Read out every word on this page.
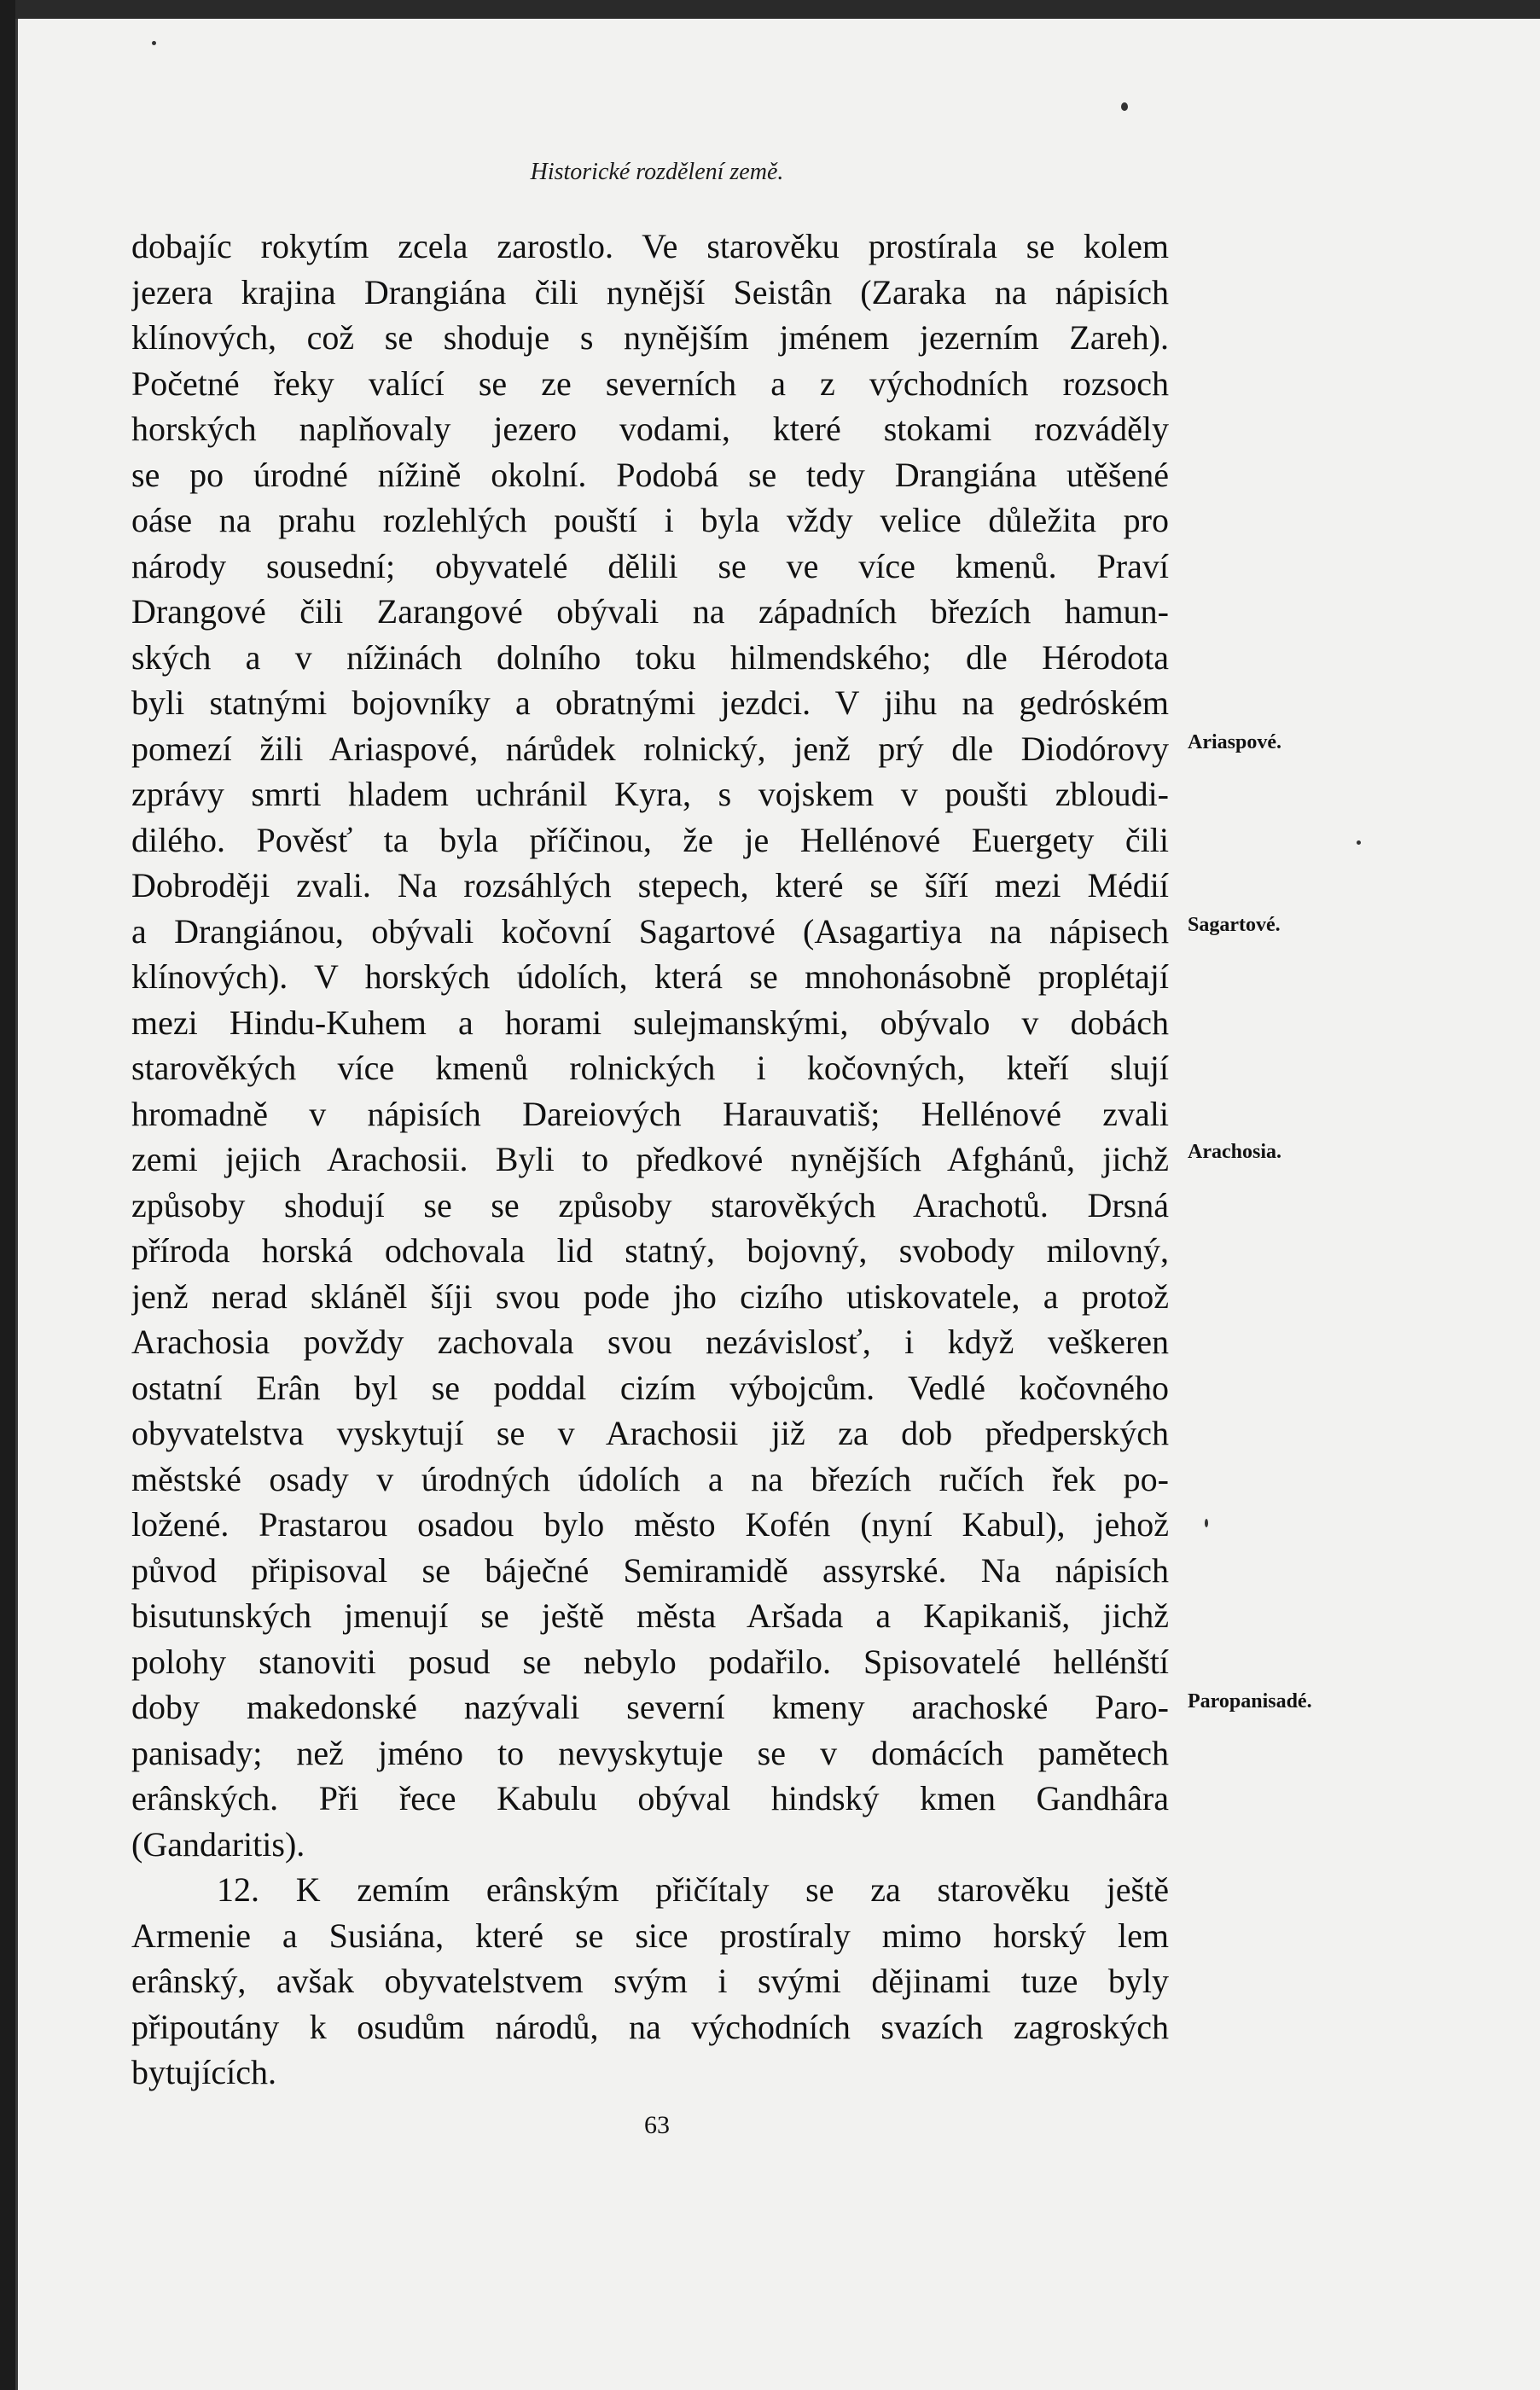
Historické rozdělení země.
dobajíc rokytím zcela zarostlo. Ve starověku prostírala se kolem
jezera krajina Drangiána čili nynější Seistân (Zaraka na nápisích
klínových, což se shoduje s nynějším jménem jezerním Zareh).
Početné řeky valící se ze severních a z východních rozsoch
horských naplňovaly jezero vodami, které stokami rozváděly
se po úrodné nížině okolní. Podobá se tedy Drangiána utěšené
oáse na prahu rozlehlých pouští i byla vždy velice důležita pro
národy sousední; obyvatelé dělili se ve více kmenů. Praví
Drangové čili Zarangové obývali na západních březích hamun-
ských a v nížinách dolního toku hilmendského; dle Hérodota
byli statnými bojovníky a obratnými jezdci. V jihu na gedróském
pomezí žili Ariaspové, nárůdek rolnický, jenž prý dle Diodórovy
zprávy smrti hladem uchránil Kyra, s vojskem v poušti zbloudi-
dilého. Pověsť ta byla příčinou, že je Hellénové Euergety čili
Dobroději zvali. Na rozsáhlých stepech, které se šíří mezi Médií
a Drangiánou, obývali kočovní Sagartové (Asagartiya na nápisech
klínových). V horských údolích, která se mnohonásobně proplétají
mezi Hindu-Kuhem a horami sulejmanskými, obývalo v dobách
starověkých více kmenů rolnických i kočovných, kteří slují
hromadně v nápisích Dareiových Harauvatiš; Hellénové zvali
zemi jejich Arachosii. Byli to předkové nynějších Afghánů, jichž
způsoby shodují se se způsoby starověkých Arachotů. Drsná
příroda horská odchovala lid statný, bojovný, svobody milovný,
jenž nerad skláněl šíji svou pode jho cizího utiskovatele, a protož
Arachosia povždy zachovala svou nezávislosť, i když veškeren
ostatní Erân byl se poddal cizím výbojcům. Vedlé kočovného
obyvatelstva vyskytují se v Arachosii již za dob předperských
městské osady v úrodných údolích a na březích ručích řek po-
ložené. Prastarou osadou bylo město Kofén (nyní Kabul), jehož
původ připisoval se báječné Semiramidě assyrské. Na nápisích
bisutunských jmenují se ještě města Aršada a Kapikaniš, jichž
polohy stanoviti posud se nebylo podařilo. Spisovatelé hellénští
doby makedonské nazývali severní kmeny arachoské Paro-
panisady; než jméno to nevyskytuje se v domácích pamětech
erânských. Při řece Kabulu obýval hindský kmen Gandhâra
(Gandaritis).
12. K zemím erânským přičítaly se za starověku ještě
Armenie a Susiána, které se sice prostíraly mimo horský lem
erânský, avšak obyvatelstvem svým i svými dějinami tuze byly
připoutány k osudům národů, na východních svazích zagroských
bytujících.
Ariaspové.
Sagartové.
Arachosia.
Paropanisadé.
63
